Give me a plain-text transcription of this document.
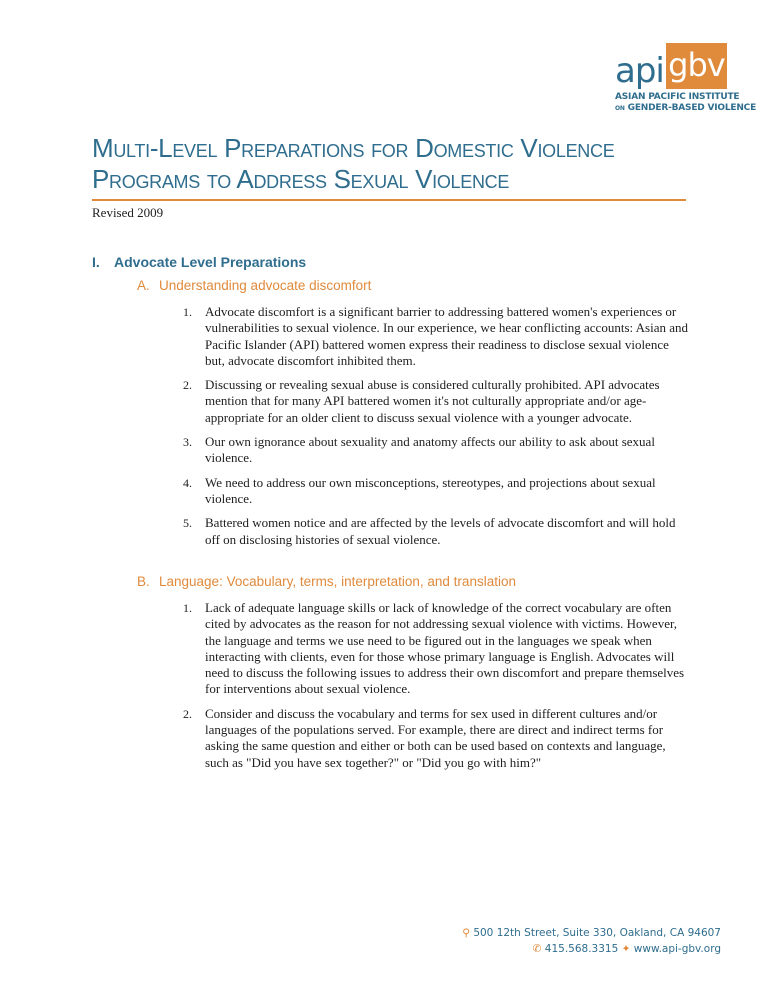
api gbv
ASIAN PACIFIC INSTITUTE
ON GENDER-BASED VIOLENCE
Multi-Level Preparations for Domestic Violence
Programs to Address Sexual Violence
Revised 2009
I. Advocate Level Preparations
A. Understanding advocate discomfort
1. Advocate discomfort is a significant barrier to addressing battered women's experiences or vulnerabilities to sexual violence. In our experience, we hear conflicting accounts: Asian and Pacific Islander (API) battered women express their readiness to disclose sexual violence but, advocate discomfort inhibited them.
2. Discussing or revealing sexual abuse is considered culturally prohibited. API advocates mention that for many API battered women it's not culturally appropriate and/or age-appropriate for an older client to discuss sexual violence with a younger advocate.
3. Our own ignorance about sexuality and anatomy affects our ability to ask about sexual violence.
4. We need to address our own misconceptions, stereotypes, and projections about sexual violence.
5. Battered women notice and are affected by the levels of advocate discomfort and will hold off on disclosing histories of sexual violence.
B. Language: Vocabulary, terms, interpretation, and translation
1. Lack of adequate language skills or lack of knowledge of the correct vocabulary are often cited by advocates as the reason for not addressing sexual violence with victims. However, the language and terms we use need to be figured out in the languages we speak when interacting with clients, even for those whose primary language is English. Advocates will need to discuss the following issues to address their own discomfort and prepare themselves for interventions about sexual violence.
2. Consider and discuss the vocabulary and terms for sex used in different cultures and/or languages of the populations served. For example, there are direct and indirect terms for asking the same question and either or both can be used based on contexts and language, such as "Did you have sex together?" or "Did you go with him?"
⚲ 500 12th Street, Suite 330, Oakland, CA 94607
✆ 415.568.3315 ✦ www.api-gbv.org
